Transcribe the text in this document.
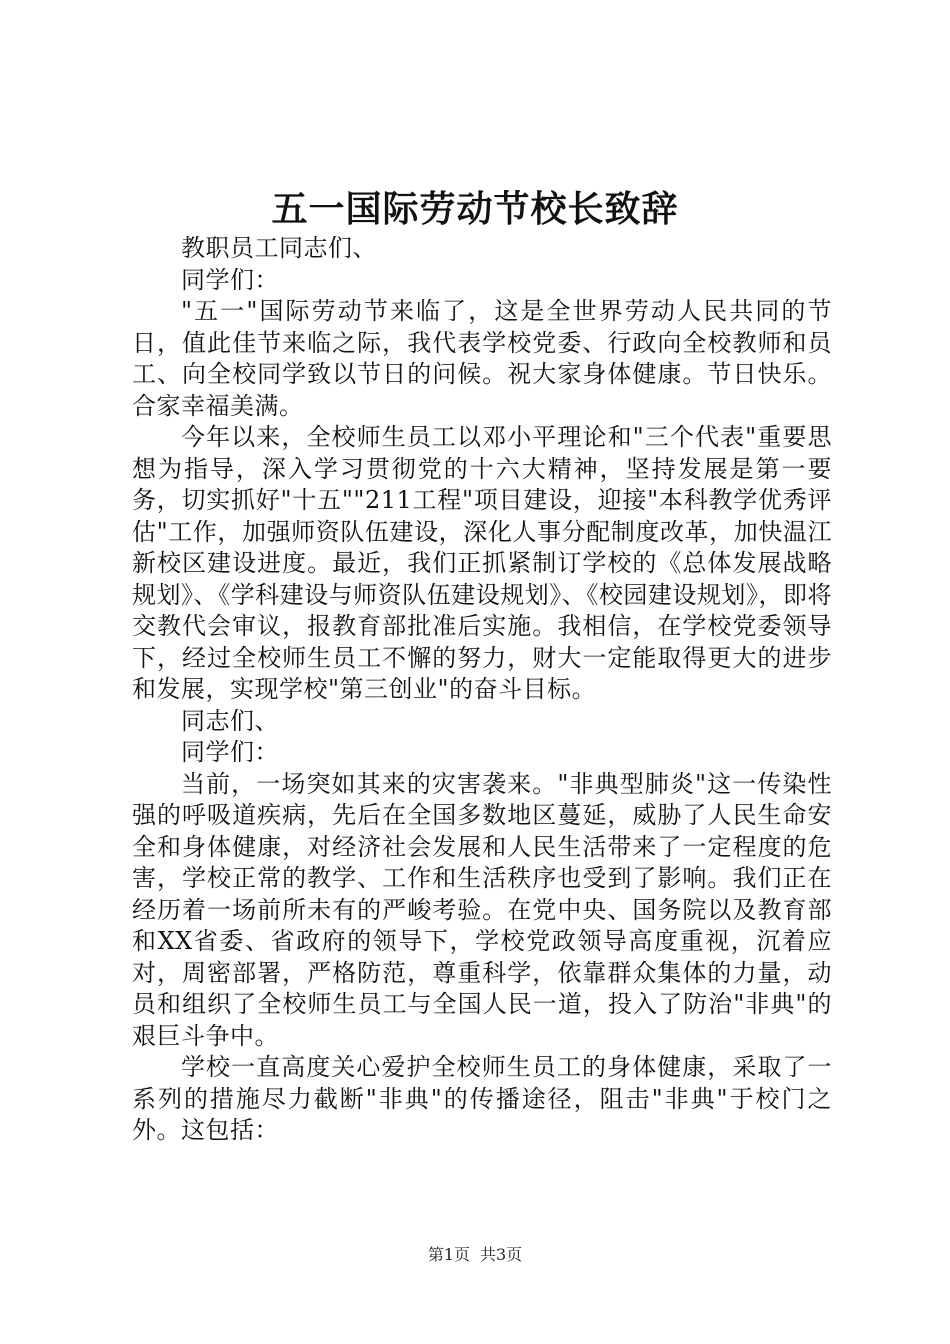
五一国际劳动节校长致辞

教职员工同志们、

同学们：

"五一"国际劳动节来临了，这是全世界劳动人民共同的节日，值此佳节来临之际，我代表学校党委、行政向全校教师和员工、向全校同学致以节日的问候。祝大家身体健康。节日快乐。合家幸福美满。

今年以来，全校师生员工以邓小平理论和"三个代表"重要思想为指导，深入学习贯彻党的十六大精神，坚持发展是第一要务，切实抓好"十五""211工程"项目建设，迎接"本科教学优秀评估"工作，加强师资队伍建设，深化人事分配制度改革，加快温江新校区建设进度。最近，我们正抓紧制订学校的《总体发展战略规划》、《学科建设与师资队伍建设规划》、《校园建设规划》，即将交教代会审议，报教育部批准后实施。我相信，在学校党委领导下，经过全校师生员工不懈的努力，财大一定能取得更大的进步和发展，实现学校"第三创业"的奋斗目标。

同志们、

同学们：

当前，一场突如其来的灾害袭来。"非典型肺炎"这一传染性强的呼吸道疾病，先后在全国多数地区蔓延，威胁了人民生命安全和身体健康，对经济社会发展和人民生活带来了一定程度的危害，学校正常的教学、工作和生活秩序也受到了影响。我们正在经历着一场前所未有的严峻考验。在党中央、国务院以及教育部和XX省委、省政府的领导下，学校党政领导高度重视，沉着应对，周密部署，严格防范，尊重科学，依靠群众集体的力量，动员和组织了全校师生员工与全国人民一道，投入了防治"非典"的艰巨斗争中。

学校一直高度关心爱护全校师生员工的身体健康，采取了一系列的措施尽力截断"非典"的传播途径，阻击"非典"于校门之外。这包括：

第1页 共3页
